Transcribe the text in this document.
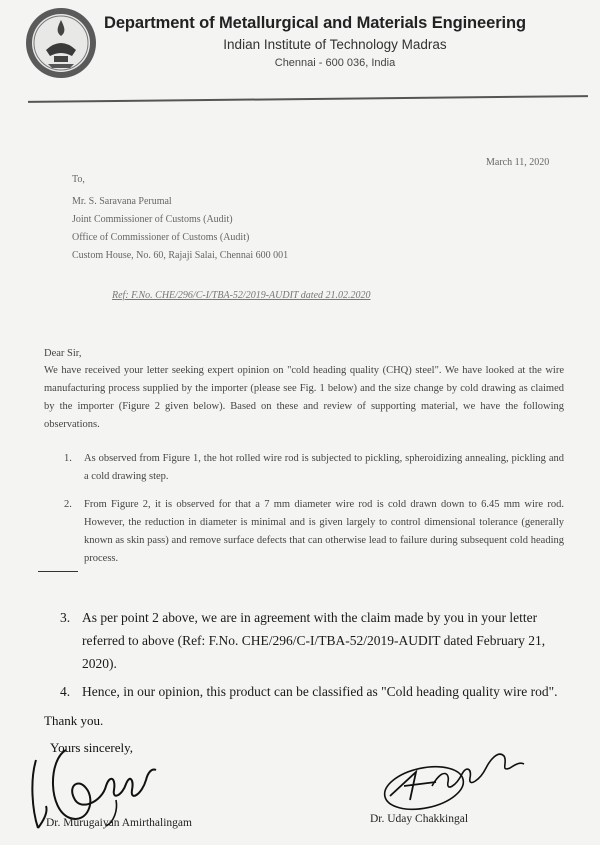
Department of Metallurgical and Materials Engineering
Indian Institute of Technology Madras
Chennai - 600 036, India
March 11, 2020
To,
Mr. S. Saravana Perumal
Joint Commissioner of Customs (Audit)
Office of Commissioner of Customs (Audit)
Custom House, No. 60, Rajaji Salai, Chennai 600 001
Ref: F.No. CHE/296/C-I/TBA-52/2019-AUDIT dated 21.02.2020
Dear Sir,
We have received your letter seeking expert opinion on "cold heading quality (CHQ) steel". We have looked at the wire manufacturing process supplied by the importer (please see Fig. 1 below) and the size change by cold drawing as claimed by the importer (Figure 2 given below). Based on these and review of supporting material, we have the following observations.
1. As observed from Figure 1, the hot rolled wire rod is subjected to pickling, spheroidizing annealing, pickling and a cold drawing step.
2. From Figure 2, it is observed for that a 7 mm diameter wire rod is cold drawn down to 6.45 mm wire rod. However, the reduction in diameter is minimal and is given largely to control dimensional tolerance (generally known as skin pass) and remove surface defects that can otherwise lead to failure during subsequent cold heading process.
3. As per point 2 above, we are in agreement with the claim made by you in your letter referred to above (Ref: F.No. CHE/296/C-I/TBA-52/2019-AUDIT dated February 21, 2020).
4. Hence, in our opinion, this product can be classified as "Cold heading quality wire rod".
Thank you.
Yours sincerely,
Dr. Murugaiyan Amirthalingam	Dr. Uday Chakkingal
